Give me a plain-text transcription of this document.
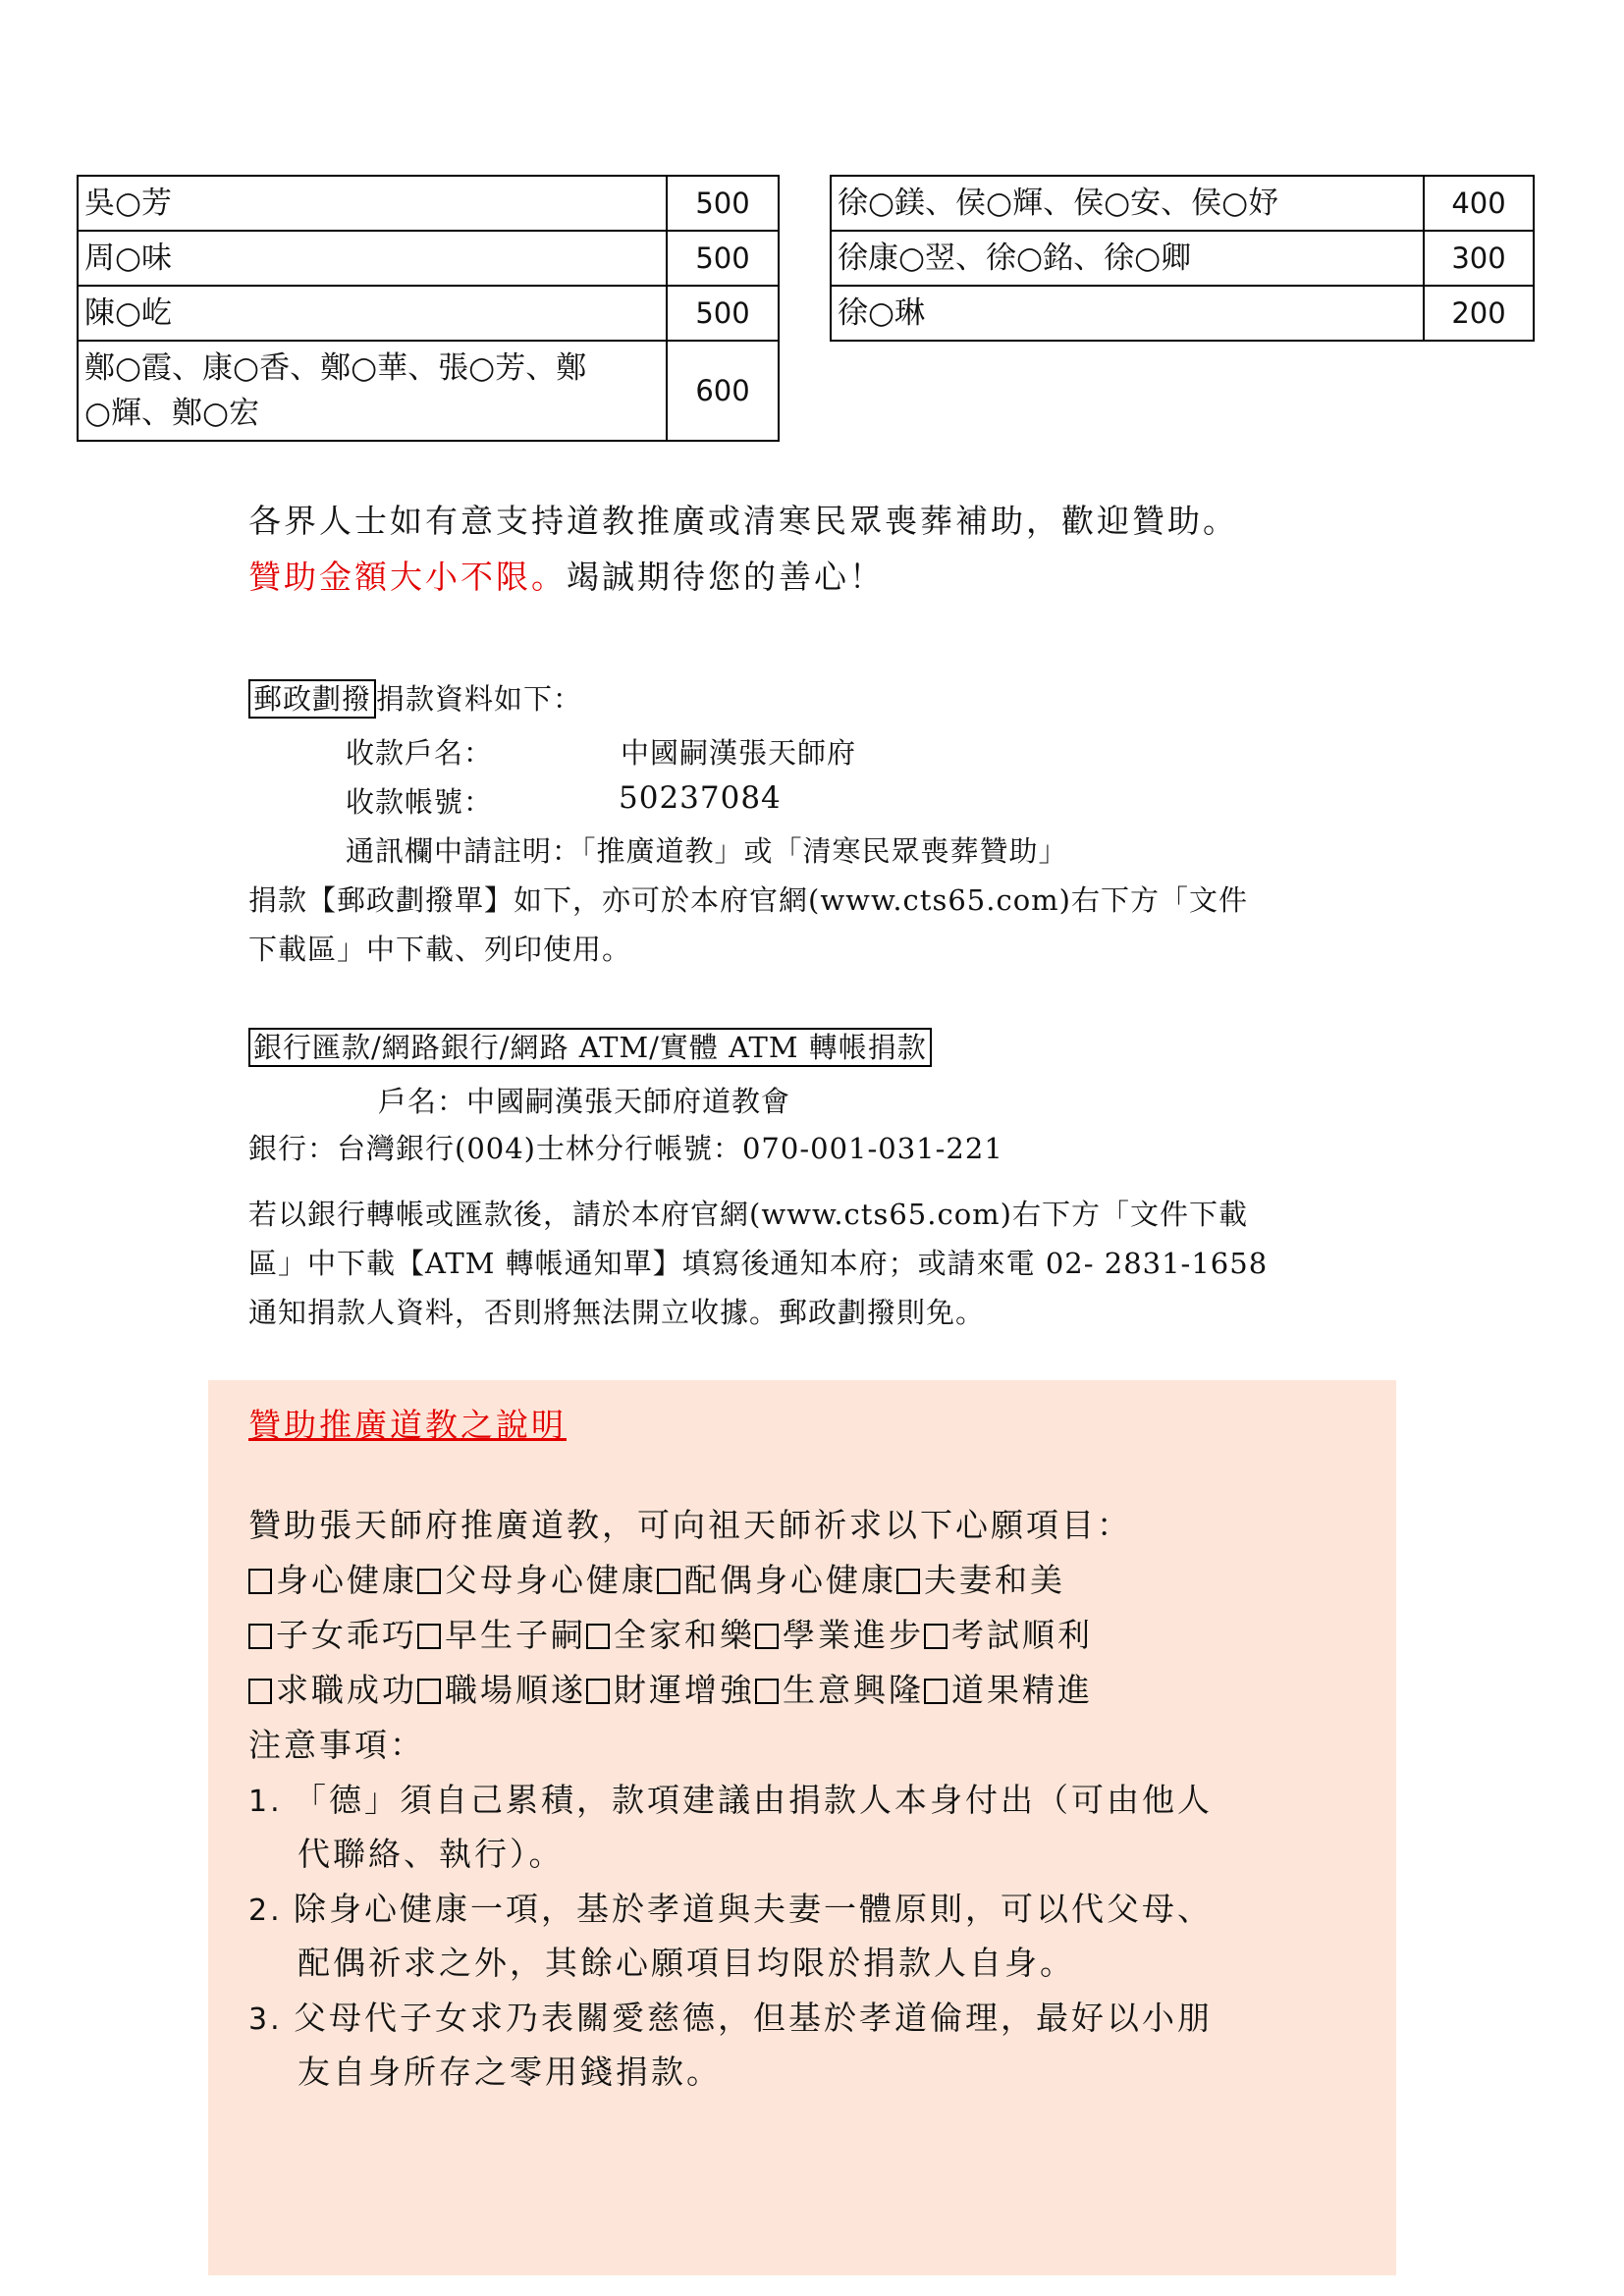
吳○芳	500
周○味	500
陳○屹	500

鄭○霞、康○香、鄭○華、張○芳、鄭
○輝、鄭○宏	600
徐○鎂、侯○輝、侯○安、侯○妤	400
徐康○翌、徐○銘、徐○卿	300
徐○琳	200
各界人士如有意支持道教推廣或清寒民眾喪葬補助，歡迎贊助。
贊助金額大小不限。竭誠期待您的善心！
郵政劃撥 捐款資料如下：
收款戶名：	中國嗣漢張天師府
收款帳號：	50237084
通訊欄中請註明：「推廣道教」或「清寒民眾喪葬贊助」
捐款【郵政劃撥單】如下，亦可於本府官網(www.cts65.com)右下方「文件
下載區」中下載、列印使用。
銀行匯款/網路銀行/網路 ATM/實體 ATM 轉帳捐款
戶名：中國嗣漢張天師府道教會
銀行：台灣銀行(004)士林分行帳號：070-001-031-221
若以銀行轉帳或匯款後，請於本府官網(www.cts65.com)右下方「文件下載
區」中下載【ATM 轉帳通知單】填寫後通知本府；或請來電 02- 2831-1658
通知捐款人資料，否則將無法開立收據。郵政劃撥則免。
贊助推廣道教之說明
贊助張天師府推廣道教，可向祖天師祈求以下心願項目：
身心健康 父母身心健康 配偶身心健康 夫妻和美
子女乖巧 早生子嗣 全家和樂 學業進步 考試順利
求職成功 職場順遂 財運增強 生意興隆 道果精進
注意事項：
1. 「德」須自己累積，款項建議由捐款人本身付出（可由他人
代聯絡、執行）。
2. 除身心健康一項，基於孝道與夫妻一體原則，可以代父母、
配偶祈求之外，其餘心願項目均限於捐款人自身。
3. 父母代子女求乃表關愛慈德，但基於孝道倫理，最好以小朋
友自身所存之零用錢捐款。
